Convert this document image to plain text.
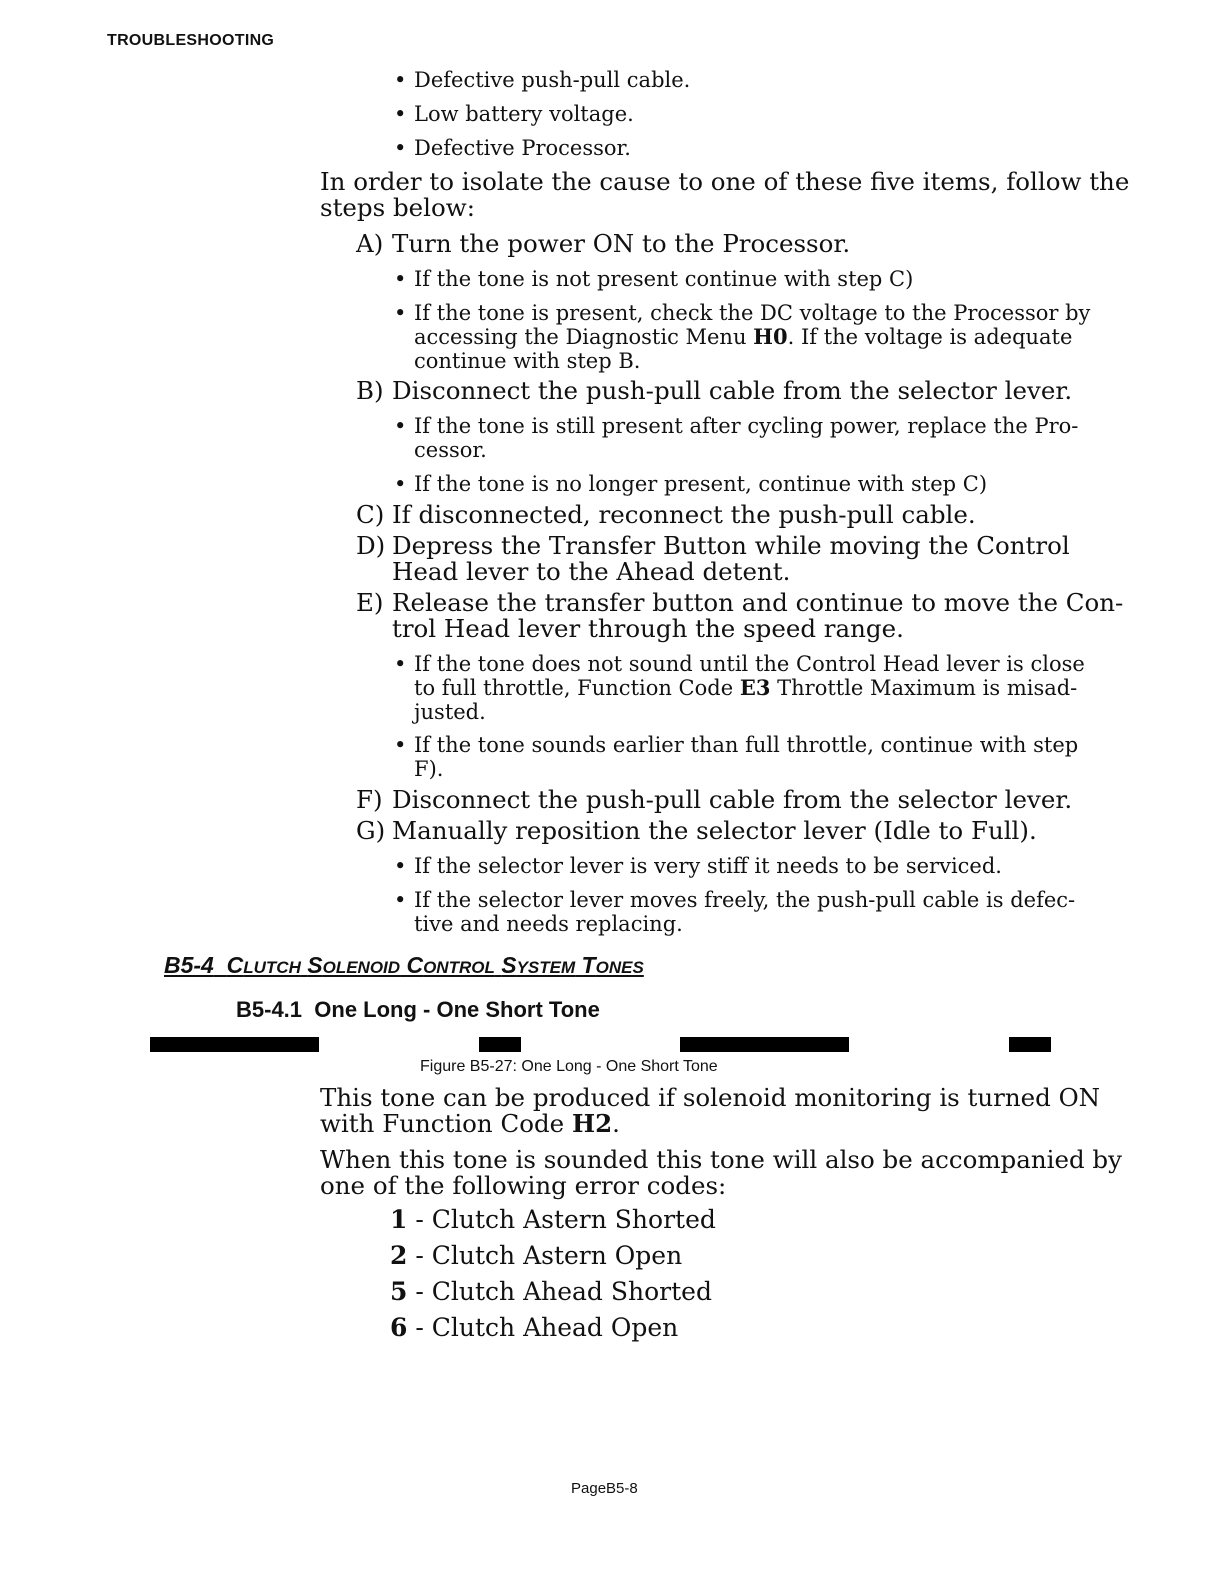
TROUBLESHOOTING
• Defective push-pull cable.
• Low battery voltage.
• Defective Processor.
In order to isolate the cause to one of these five items, follow the
steps below:
A) Turn the power ON to the Processor.
• If the tone is not present continue with step C)
• If the tone is present, check the DC voltage to the Processor by
accessing the Diagnostic Menu H0. If the voltage is adequate
continue with step B.
B) Disconnect the push-pull cable from the selector lever.
• If the tone is still present after cycling power, replace the Pro-
cessor.
• If the tone is no longer present, continue with step C)
C) If disconnected, reconnect the push-pull cable.
D) Depress the Transfer Button while moving the Control
Head lever to the Ahead detent.
E) Release the transfer button and continue to move the Con-
trol Head lever through the speed range.
• If the tone does not sound until the Control Head lever is close
to full throttle, Function Code E3 Throttle Maximum is misad-
justed.
• If the tone sounds earlier than full throttle, continue with step
F).
F) Disconnect the push-pull cable from the selector lever.
G) Manually reposition the selector lever (Idle to Full).
• If the selector lever is very stiff it needs to be serviced.
• If the selector lever moves freely, the push-pull cable is defec-
tive and needs replacing.
B5-4 CLUTCH SOLENOID CONTROL SYSTEM TONES
B5-4.1 One Long - One Short Tone
Figure B5-27: One Long - One Short Tone
This tone can be produced if solenoid monitoring is turned ON
with Function Code H2.
When this tone is sounded this tone will also be accompanied by
one of the following error codes:
1 - Clutch Astern Shorted
2 - Clutch Astern Open
5 - Clutch Ahead Shorted
6 - Clutch Ahead Open
PageB5-8
